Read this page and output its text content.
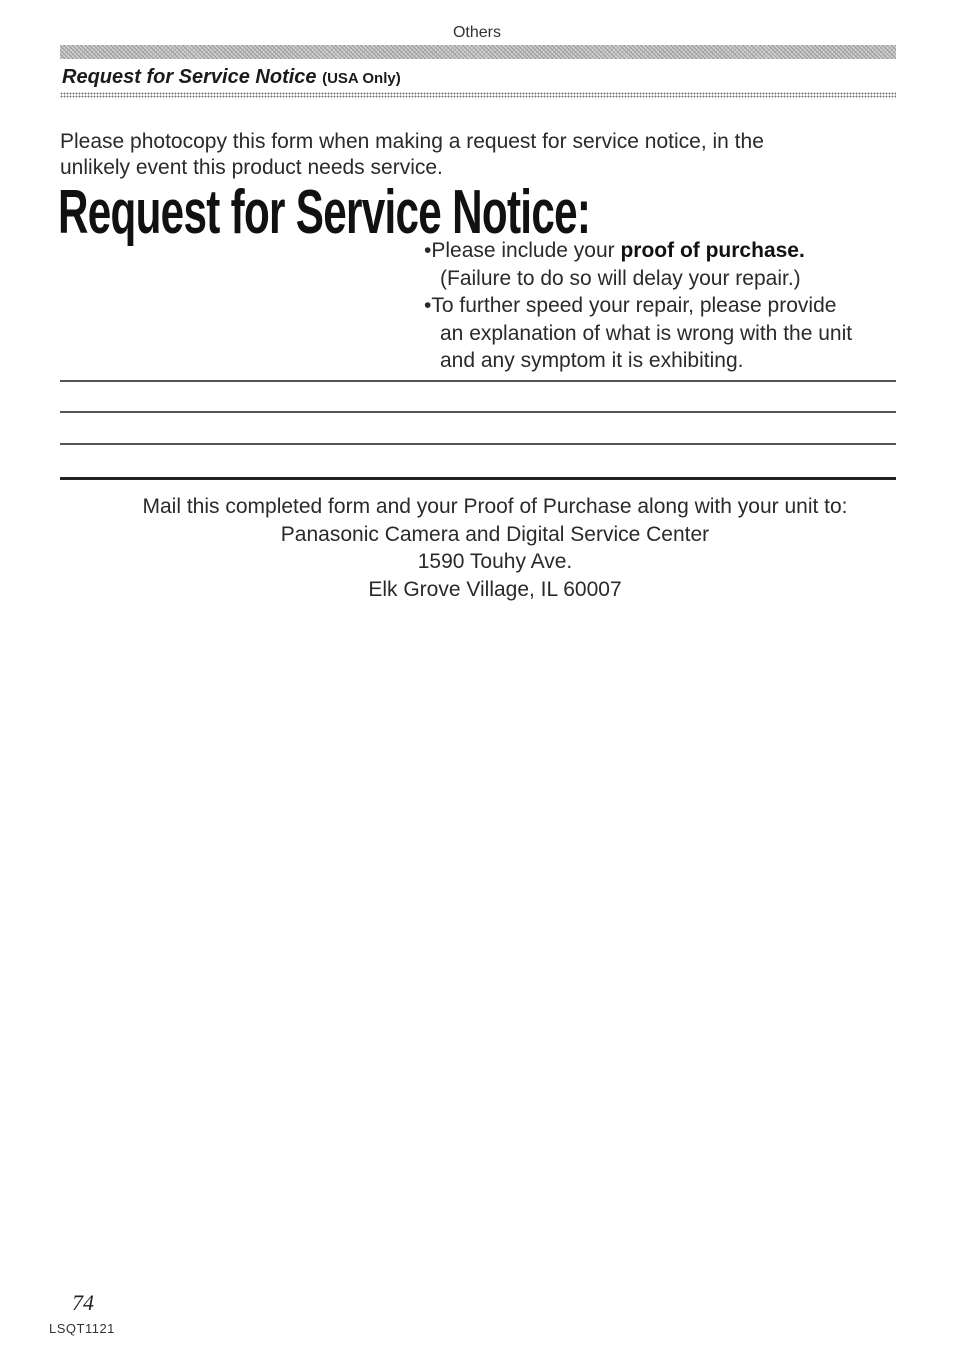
Others
Request for Service Notice (USA Only)
Please photocopy this form when making a request for service notice, in the
unlikely event this product needs service.
Request for Service Notice:
•Please include your proof of purchase.
(Failure to do so will delay your repair.)
•To further speed your repair, please provide
an explanation of what is wrong with the unit
and any symptom it is exhibiting.
Mail this completed form and your Proof of Purchase along with your unit to:
Panasonic Camera and Digital Service Center
1590 Touhy Ave.
Elk Grove Village, IL 60007
74
LSQT1121
